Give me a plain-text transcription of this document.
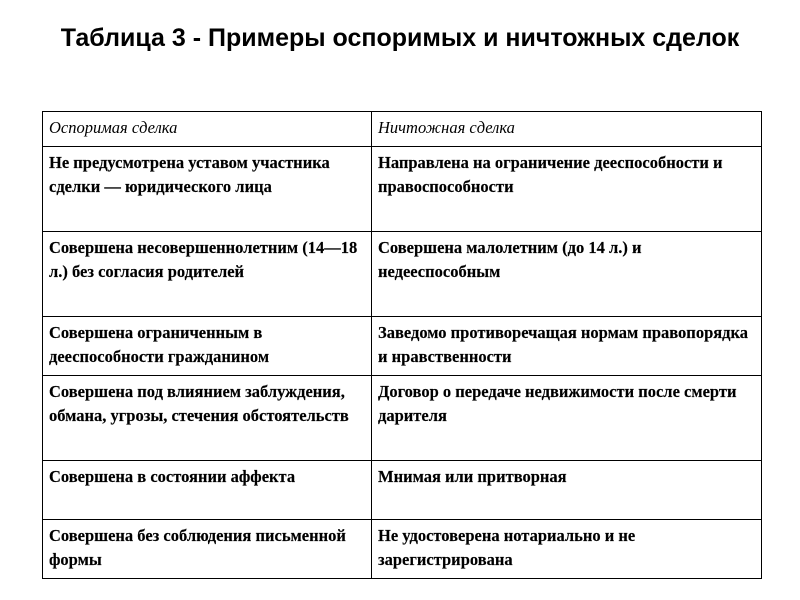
Таблица 3 - Примеры оспоримых и ничтожных сделок
Оспоримая сделка	Ничтожная сделка
Не предусмотрена уставом участника сделки — юридического лица	Направлена на ограничение дееспособности и правоспособности
Совершена несовершеннолетним (14—18 л.) без согласия родителей	Совершена малолетним (до 14 л.) и недееспособным
Совершена ограниченным в дееспособности гражданином	Заведомо противоречащая нормам правопорядка и нравственности
Совершена под влиянием заблуждения, обмана, угрозы, стечения обстоятельств	Договор о передаче недвижимости после смерти дарителя
Совершена в состоянии аффекта	Мнимая или притворная
Совершена без соблюдения письменной формы	Не удостоверена нотариально и не зарегистрирована
